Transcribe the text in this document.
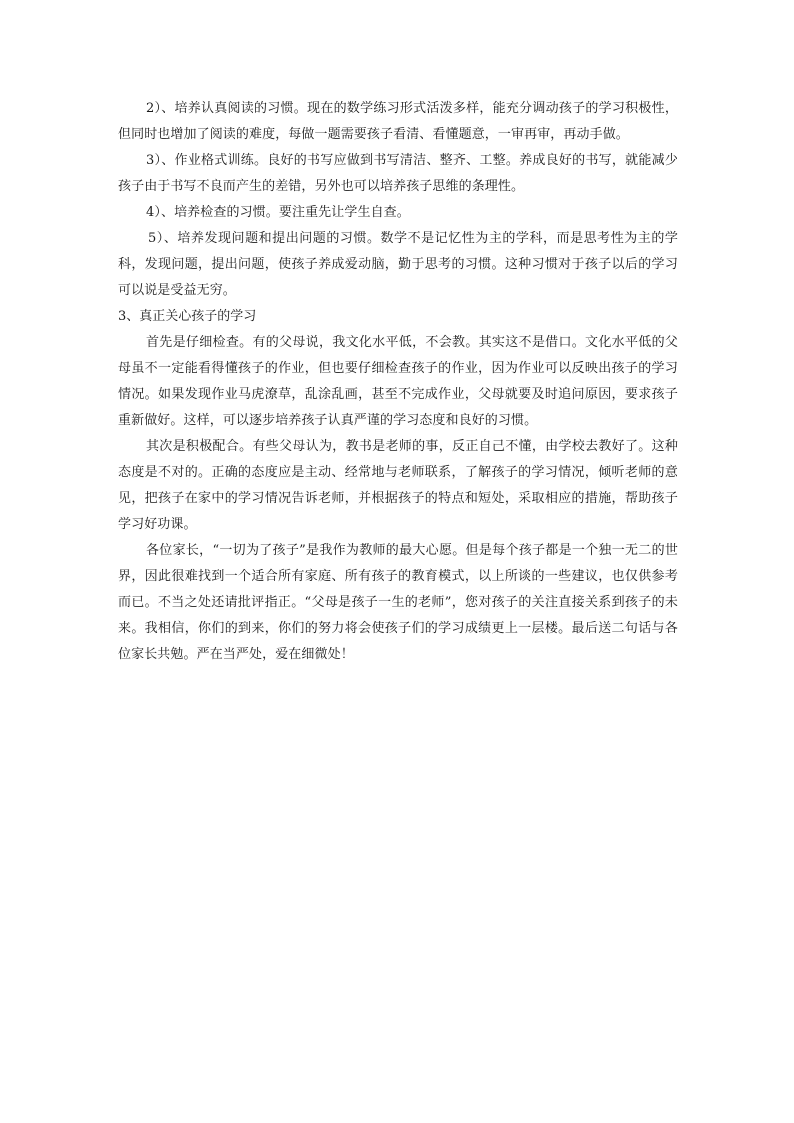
2）、培养认真阅读的习惯。现在的数学练习形式活泼多样，能充分调动孩子的学习积极性，但同时也增加了阅读的难度，每做一题需要孩子看清、看懂题意，一审再审，再动手做。

3）、作业格式训练。良好的书写应做到书写清洁、整齐、工整。养成良好的书写，就能减少孩子由于书写不良而产生的差错，另外也可以培养孩子思维的条理性。

4）、培养检查的习惯。要注重先让学生自查。

5）、培养发现问题和提出问题的习惯。数学不是记忆性为主的学科，而是思考性为主的学科，发现问题，提出问题，使孩子养成爱动脑，勤于思考的习惯。这种习惯对于孩子以后的学习可以说是受益无穷。

3、真正关心孩子的学习

首先是仔细检查。有的父母说，我文化水平低，不会教。其实这不是借口。文化水平低的父母虽不一定能看得懂孩子的作业，但也要仔细检查孩子的作业，因为作业可以反映出孩子的学习情况。如果发现作业马虎潦草，乱涂乱画，甚至不完成作业，父母就要及时追问原因，要求孩子重新做好。这样，可以逐步培养孩子认真严谨的学习态度和良好的习惯。

其次是积极配合。有些父母认为，教书是老师的事，反正自己不懂，由学校去教好了。这种态度是不对的。正确的态度应是主动、经常地与老师联系，了解孩子的学习情况，倾听老师的意见，把孩子在家中的学习情况告诉老师，并根据孩子的特点和短处，采取相应的措施，帮助孩子学习好功课。

各位家长，“一切为了孩子”是我作为教师的最大心愿。但是每个孩子都是一个独一无二的世界，因此很难找到一个适合所有家庭、所有孩子的教育模式，以上所谈的一些建议，也仅供参考而已。不当之处还请批评指正。“父母是孩子一生的老师”，您对孩子的关注直接关系到孩子的未来。我相信，你们的到来，你们的努力将会使孩子们的学习成绩更上一层楼。最后送二句话与各位家长共勉。严在当严处，爱在细微处！
